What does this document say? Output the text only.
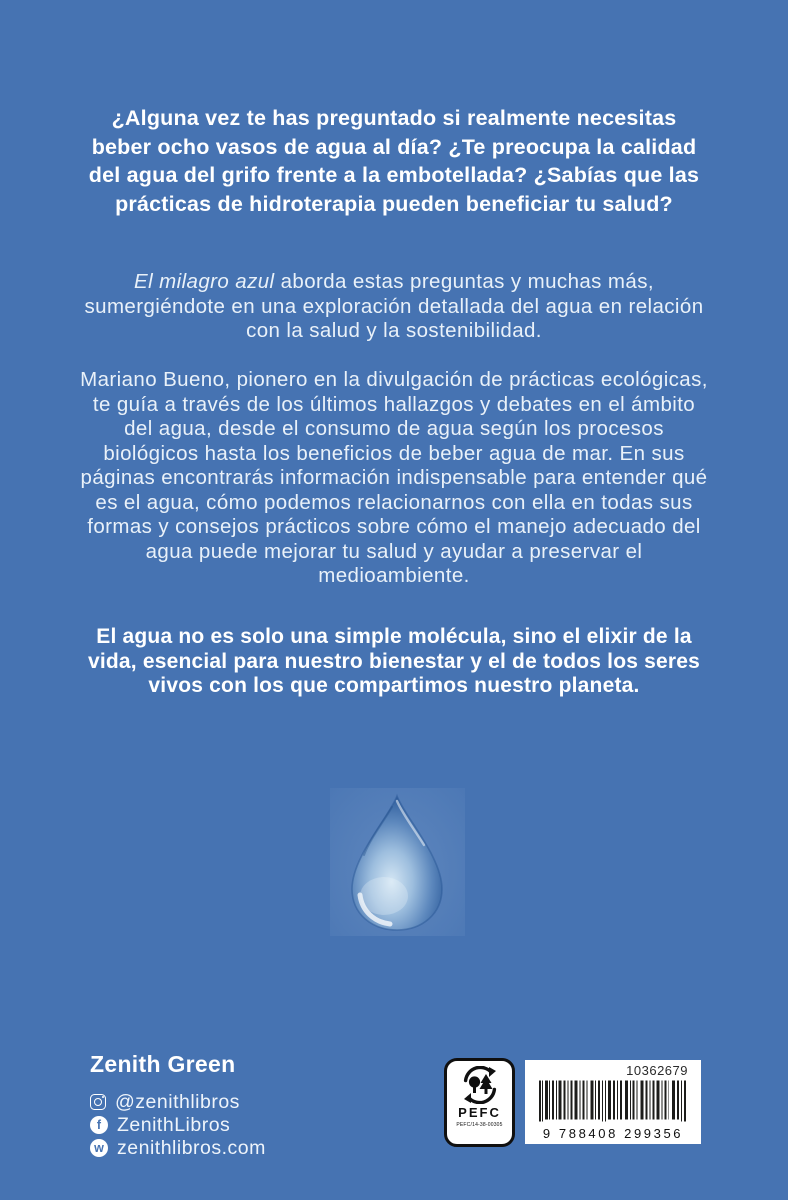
¿Alguna vez te has preguntado si realmente necesitas beber ocho vasos de agua al día? ¿Te preocupa la calidad del agua del grifo frente a la embotellada? ¿Sabías que las prácticas de hidroterapia pueden beneficiar tu salud?

El milagro azul aborda estas preguntas y muchas más, sumergiéndote en una exploración detallada del agua en relación con la salud y la sostenibilidad.

Mariano Bueno, pionero en la divulgación de prácticas ecológicas, te guía a través de los últimos hallazgos y debates en el ámbito del agua, desde el consumo de agua según los procesos biológicos hasta los beneficios de beber agua de mar. En sus páginas encontrarás información indispensable para entender qué es el agua, cómo podemos relacionarnos con ella en todas sus formas y consejos prácticos sobre cómo el manejo adecuado del agua puede mejorar tu salud y ayudar a preservar el medioambiente.

El agua no es solo una simple molécula, sino el elixir de la vida, esencial para nuestro bienestar y el de todos los seres vivos con los que compartimos nuestro planeta.

Zenith Green
@zenithlibros
f ZenithLibros
w zenithlibros.com
PEFC
PEFC/14-38-00305
10362679
9 788408 299356
